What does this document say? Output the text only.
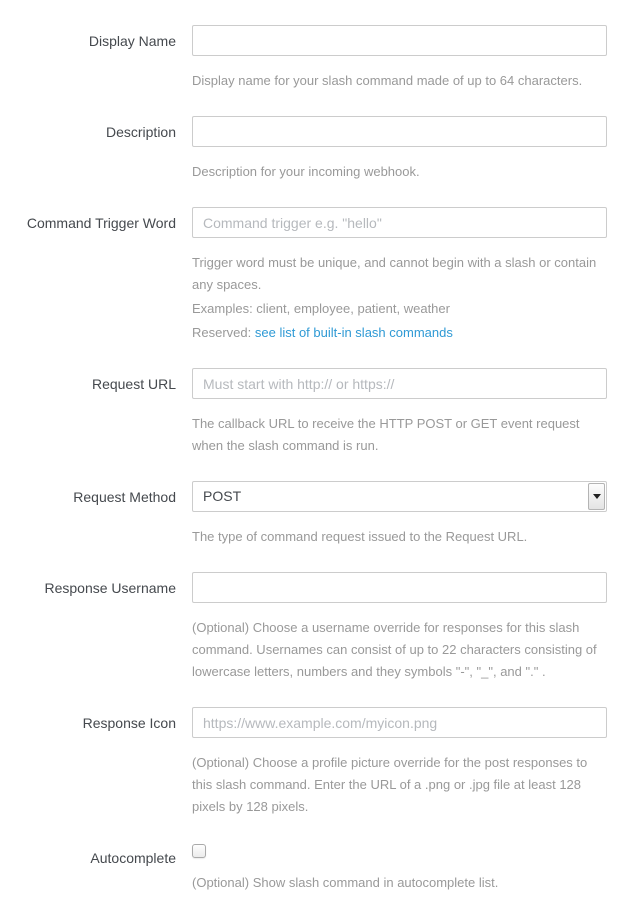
Display Name

Display name for your slash command made of up to 64 characters.

Description

Description for your incoming webhook.

Command Trigger Word
Command trigger e.g. "hello"

Trigger word must be unique, and cannot begin with a slash or contain any spaces.

Examples: client, employee, patient, weather

Reserved: see list of built-in slash commands

Request URL
Must start with http:// or https://

The callback URL to receive the HTTP POST or GET event request when the slash command is run.

Request Method	POST

The type of command request issued to the Request URL.

Response Username

(Optional) Choose a username override for responses for this slash command. Usernames can consist of up to 22 characters consisting of lowercase letters, numbers and they symbols "-", "_", and "." .

Response Icon
https://www.example.com/myicon.png

(Optional) Choose a profile picture override for the post responses to this slash command. Enter the URL of a .png or .jpg file at least 128 pixels by 128 pixels.

Autocomplete

(Optional) Show slash command in autocomplete list.
